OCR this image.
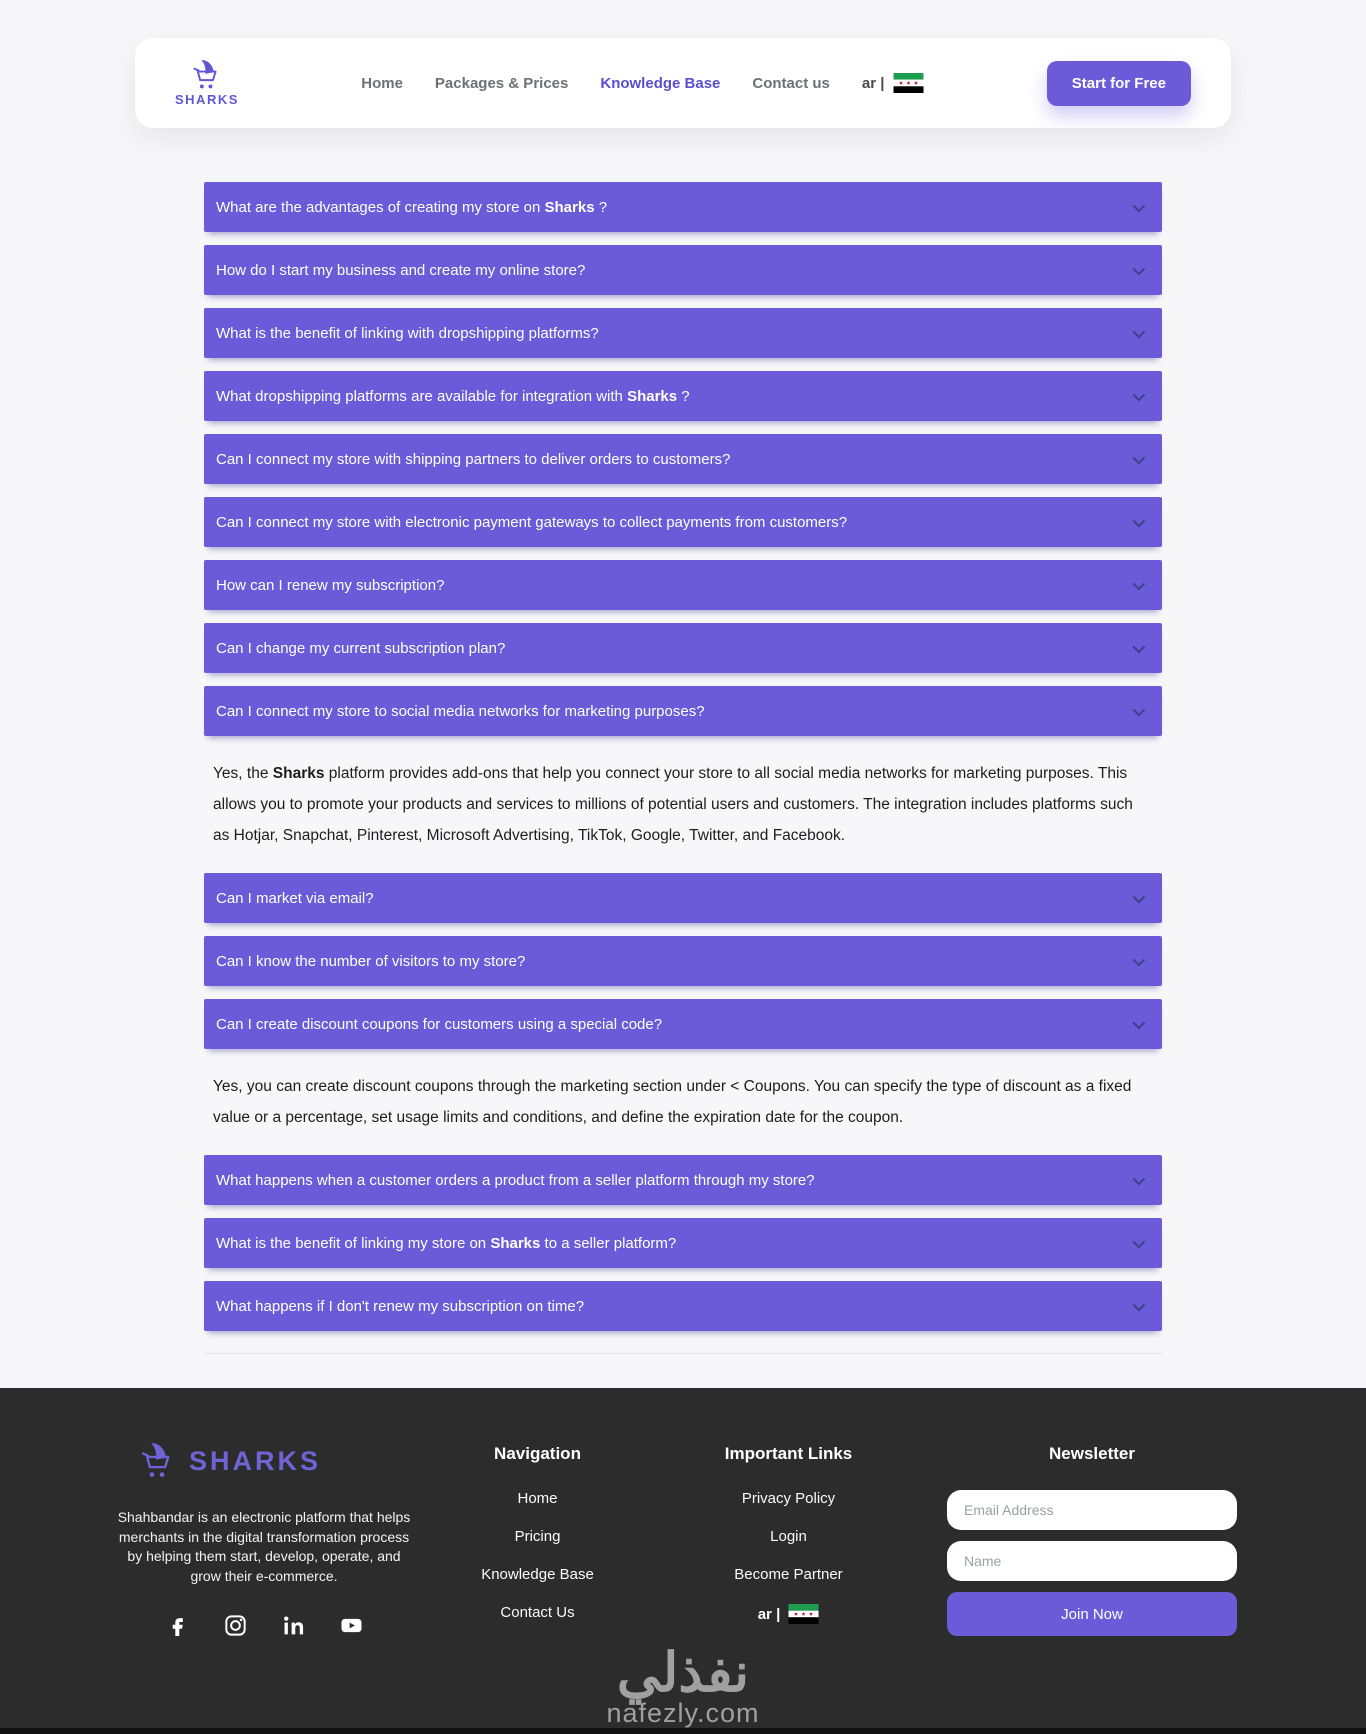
SHARKS
Home Packages & Prices Knowledge Base Contact us ar |	Start for Free
What are the advantages of creating my store on Sharks ?
How do I start my business and create my online store?
What is the benefit of linking with dropshipping platforms?
What dropshipping platforms are available for integration with Sharks ?
Can I connect my store with shipping partners to deliver orders to customers?
Can I connect my store with electronic payment gateways to collect payments from customers?
How can I renew my subscription?
Can I change my current subscription plan?
Can I connect my store to social media networks for marketing purposes?

Yes, the Sharks platform provides add-ons that help you connect your store to all social media networks for marketing purposes. This allows you to promote your products and services to millions of potential users and customers. The integration includes platforms such as Hotjar, Snapchat, Pinterest, Microsoft Advertising, TikTok, Google, Twitter, and Facebook.

Can I market via email?
Can I know the number of visitors to my store?
Can I create discount coupons for customers using a special code?

Yes, you can create discount coupons through the marketing section under < Coupons. You can specify the type of discount as a fixed value or a percentage, set usage limits and conditions, and define the expiration date for the coupon.

What happens when a customer orders a product from a seller platform through my store?
What is the benefit of linking my store on Sharks to a seller platform?
What happens if I don't renew my subscription on time?
SHARKS

Shahbandar is an electronic platform that helps merchants in the digital transformation process by helping them start, develop, operate, and grow their e-commerce.

Navigation
Home
Pricing
Knowledge Base
Contact Us
Important Links
Privacy Policy
Login
Become Partner
ar |
Newsletter
Email Address
Name
Join Now
نفذلي
nafezly.com
